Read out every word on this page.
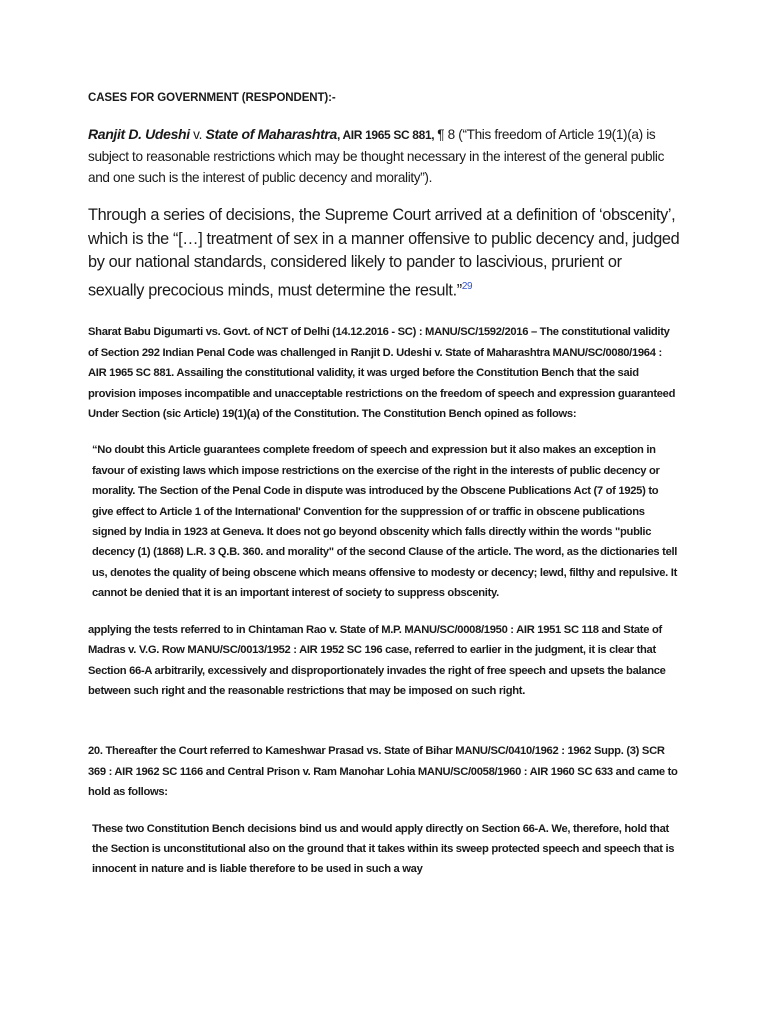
CASES FOR GOVERNMENT (RESPONDENT):-

Ranjit D. Udeshi v. State of Maharashtra, AIR 1965 SC 881, ¶ 8 (“This freedom of Article 19(1)(a) is subject to reasonable restrictions which may be thought necessary in the interest of the general public and one such is the interest of public decency and morality”).

Through a series of decisions, the Supreme Court arrived at a definition of ‘obscenity’, which is the “[…] treatment of sex in a manner offensive to public decency and, judged by our national standards, considered likely to pander to lascivious, prurient or sexually precocious minds, must determine the result.”$^{29}$

Sharat Babu Digumarti vs. Govt. of NCT of Delhi (14.12.2016 - SC) : MANU/SC/1592/2016 – The constitutional validity of Section 292 Indian Penal Code was challenged in Ranjit D. Udeshi v. State of Maharashtra MANU/SC/0080/1964 : AIR 1965 SC 881. Assailing the constitutional validity, it was urged before the Constitution Bench that the said provision imposes incompatible and unacceptable restrictions on the freedom of speech and expression guaranteed Under Section (sic Article) 19(1)(a) of the Constitution. The Constitution Bench opined as follows:

“No doubt this Article guarantees complete freedom of speech and expression but it also makes an exception in favour of existing laws which impose restrictions on the exercise of the right in the interests of public decency or morality. The Section of the Penal Code in dispute was introduced by the Obscene Publications Act (7 of 1925) to give effect to Article 1 of the International' Convention for the suppression of or traffic in obscene publications signed by India in 1923 at Geneva. It does not go beyond obscenity which falls directly within the words "public decency (1) (1868) L.R. 3 Q.B. 360. and morality" of the second Clause of the article. The word, as the dictionaries tell us, denotes the quality of being obscene which means offensive to modesty or decency; lewd, filthy and repulsive. It cannot be denied that it is an important interest of society to suppress obscenity.

applying the tests referred to in Chintaman Rao v. State of M.P. MANU/SC/0008/1950 : AIR 1951 SC 118 and State of Madras v. V.G. Row MANU/SC/0013/1952 : AIR 1952 SC 196 case, referred to earlier in the judgment, it is clear that Section 66-A arbitrarily, excessively and disproportionately invades the right of free speech and upsets the balance between such right and the reasonable restrictions that may be imposed on such right.

20. Thereafter the Court referred to Kameshwar Prasad vs. State of Bihar MANU/SC/0410/1962 : 1962 Supp. (3) SCR 369 : AIR 1962 SC 1166 and Central Prison v. Ram Manohar Lohia MANU/SC/0058/1960 : AIR 1960 SC 633 and came to hold as follows:

These two Constitution Bench decisions bind us and would apply directly on Section 66-A. We, therefore, hold that the Section is unconstitutional also on the ground that it takes within its sweep protected speech and speech that is innocent in nature and is liable therefore to be used in such a way
